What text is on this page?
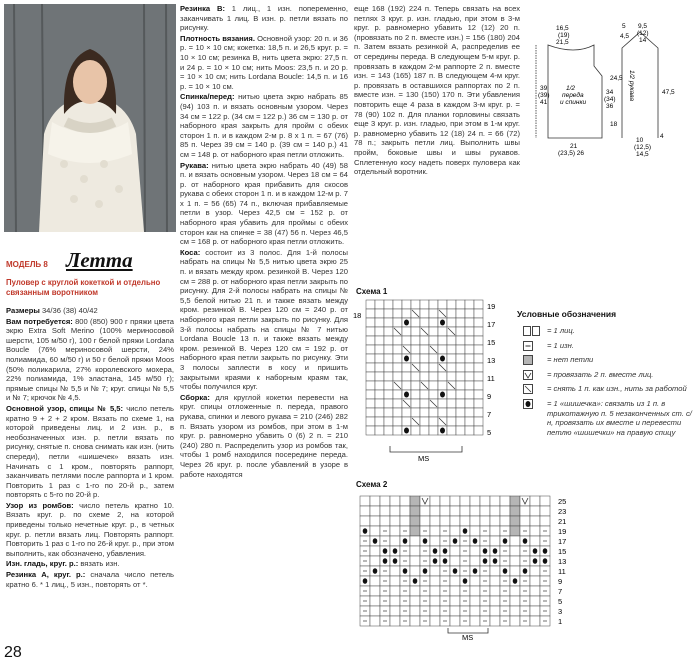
МОДЕЛЬ 8 Летта
Пуловер с круглой кокеткой и отдельно связанным воротником

Размеры 34/36 (38) 40/42

Вам потребуется: 800 (850) 900 г пряжи цвета экрю Extra Soft Merino (100% мериносовой шерсти, 105 м/50 г), 100 г белой пряжи Lordana Boucle (76% мериносовой шерсти, 24% полиамида, 60 м/50 г) и 50 г белой пряжи Moos (50% поликарила, 27% королевского мохера, 22% полиамида, 1% эластана, 145 м/50 г); прямые спицы № 5,5 и № 7; круг. спицы № 5,5 и № 7; крючок № 4,5.

Основной узор, спицы № 5,5: число петель кратно 9 + 2 + 2 кром. Вязать по схеме 1, на которой приведены лиц. и 2 изн. р., в необозначенных изн. р. петли вязать по рисунку, снятые п. снова снимать как изн. (нить спереди), петли «шишечек» вязать изн. Начинать с 1 кром., повторять раппорт, заканчивать петлями после раппорта и 1 кром. Повторить 1 раз с 1-го по 20-й р., затем повторять с 5-го по 20-й р.

Узор из ромбов: число петель кратно 10. Вязать круг. р. по схеме 2, на которой приведены только нечетные круг. р., в четных круг. р. петли вязать лиц. Повторять раппорт. Повторить 1 раз с 1-го по 26-й круг. р., при этом выполнить, как обозначено, убавления.

Изн. гладь, круг. р.: вязать изн.

Резинка А, круг. р.: сначала число петель кратно 6. * 1 лиц., 5 изн., повторять от *.

Резинка В: 1 лиц., 1 изн. попеременно, заканчивать 1 лиц. В изн. р. петли вязать по рисунку.

Плотность вязания. Основной узор: 20 п. и 36 р. = 10 × 10 см; кокетка: 18,5 п. и 26,5 круг. р. = 10 × 10 см; резинка В, нить цвета экрю: 27,5 п. и 24 р. = 10 × 10 см; нить Moos: 23,5 п. и 20 р. = 10 × 10 см; нить Lordana Boucle: 14,5 п. и 16 р. = 10 × 10 см.

Спинка/перед: нитью цвета экрю набрать 85 (94) 103 п. и вязать основным узором. Через 34 см = 122 р. (34 см = 122 р.) 36 см = 130 р. от наборного края закрыть для пройм с обеих сторон 1 п. и в каждом 2-м р. 8 x 1 п. = 67 (76) 85 п. Через 39 см = 140 р. (39 см = 140 р.) 41 см = 148 р. от наборного края петли отложить.

Рукава: нитью цвета экрю набрать 40 (49) 58 п. и вязать основным узором. Через 18 см = 64 р. от наборного края прибавить для скосов рукава с обеих сторон 1 п. и в каждом 12-м р. 7 х 1 п. = 56 (65) 74 п., включая прибавляемые петли в узор. Через 42,5 см = 152 р. от наборного края убавить для проймы с обеих сторон как на спинке = 38 (47) 56 п. Через 46,5 см = 168 р. от наборного края петли отложить.

Коса: состоит из 3 полос. Для 1-й полосы набрать на спицы № 5,5 нитью цвета экрю 25 п. и вязать между кром. резинкой В. Через 120 см = 288 р. от наборного края петли закрыть по рисунку. Для 2-й полосы набрать на спицы № 5,5 белой нитью 21 п. и также вязать между кром. резинкой В. Через 120 см = 240 р. от наборного края петли закрыть по рисунку. Для 3-й полосы набрать на спицы № 7 нитью Lordana Boucle 13 п. и также вязать между кром. резинкой В. Через 120 см = 192 р. от наборного края петли закрыть по рисунку. Эти 3 полосы заплести в косу и пришить закрытыми краями к наборным краям так, чтобы получился круг.

Сборка: для круглой кокетки перевести на круг. спицы отложенные п. переда, правого рукава, спинки и левого рукава = 210 (246) 282 п. Вязать узором из ромбов, при этом в 1-м круг. р. равномерно убавить 0 (6) 2 п. = 210 (240) 280 п. Распределить узор из ромбов так, чтобы 1 ромб находился посередине переда. Через 26 круг. р. после убавлений в узоре в работе находятся

еще 168 (192) 224 п. Теперь связать на всех петлях 3 круг. р. изн. гладью, при этом в 3-м круг. р. равномерно убавить 12 (12) 20 п. (провязать по 2 п. вместе изн.) = 156 (180) 204 п. Затем вязать резинкой А, распределив ее от середины переда. В следующем 5-м круг. р. провязать в каждом 2-м раппорте 2 п. вместе изн. = 143 (165) 187 п. В следующем 4-м круг. р. провязать в оставшихся раппортах по 2 п. вместе изн. = 130 (150) 170 п. Эти убавления повторить еще 4 раза в каждом 3-м круг. р. = 78 (90) 102 п. Для планки горловины связать еще 3 круг. р. изн. гладью, при этом в 1-м круг. р. равномерно убавить 12 (18) 24 п. = 66 (72) 78 п.; закрыть петли лиц. Выполнить швы пройм, боковые швы и швы рукавов. Сплетенную косу надеть поверх пуловера как отдельный воротник.

16,5
(19)
21,5
39
(39)
41
1/2
переда
и спинки
34
(34)
36
21
(23,5) 26
5
4,5
9,5
(12)
14
24,5
18
1/2 рукава	47,5
4
10
(12,5)
14,5
Схема 1
18
19
17
15
13
11
9
7
5
MS
Схема 2
25
23
21
19
17
15
13
11
9
7
5
3
1
MS
Условные обозначения
= 1 лиц.
= 1 изн.
= нет петли
= провязать 2 п. вместе лиц.
= снять 1 п. как изн., нить за работой
= 1 «шишечка»: связать из 1 п. в трикотажную п. 5 незаконченных ст. с/н, провязать их вместе и перевести петлю «шишечки» на правую спицу
28
